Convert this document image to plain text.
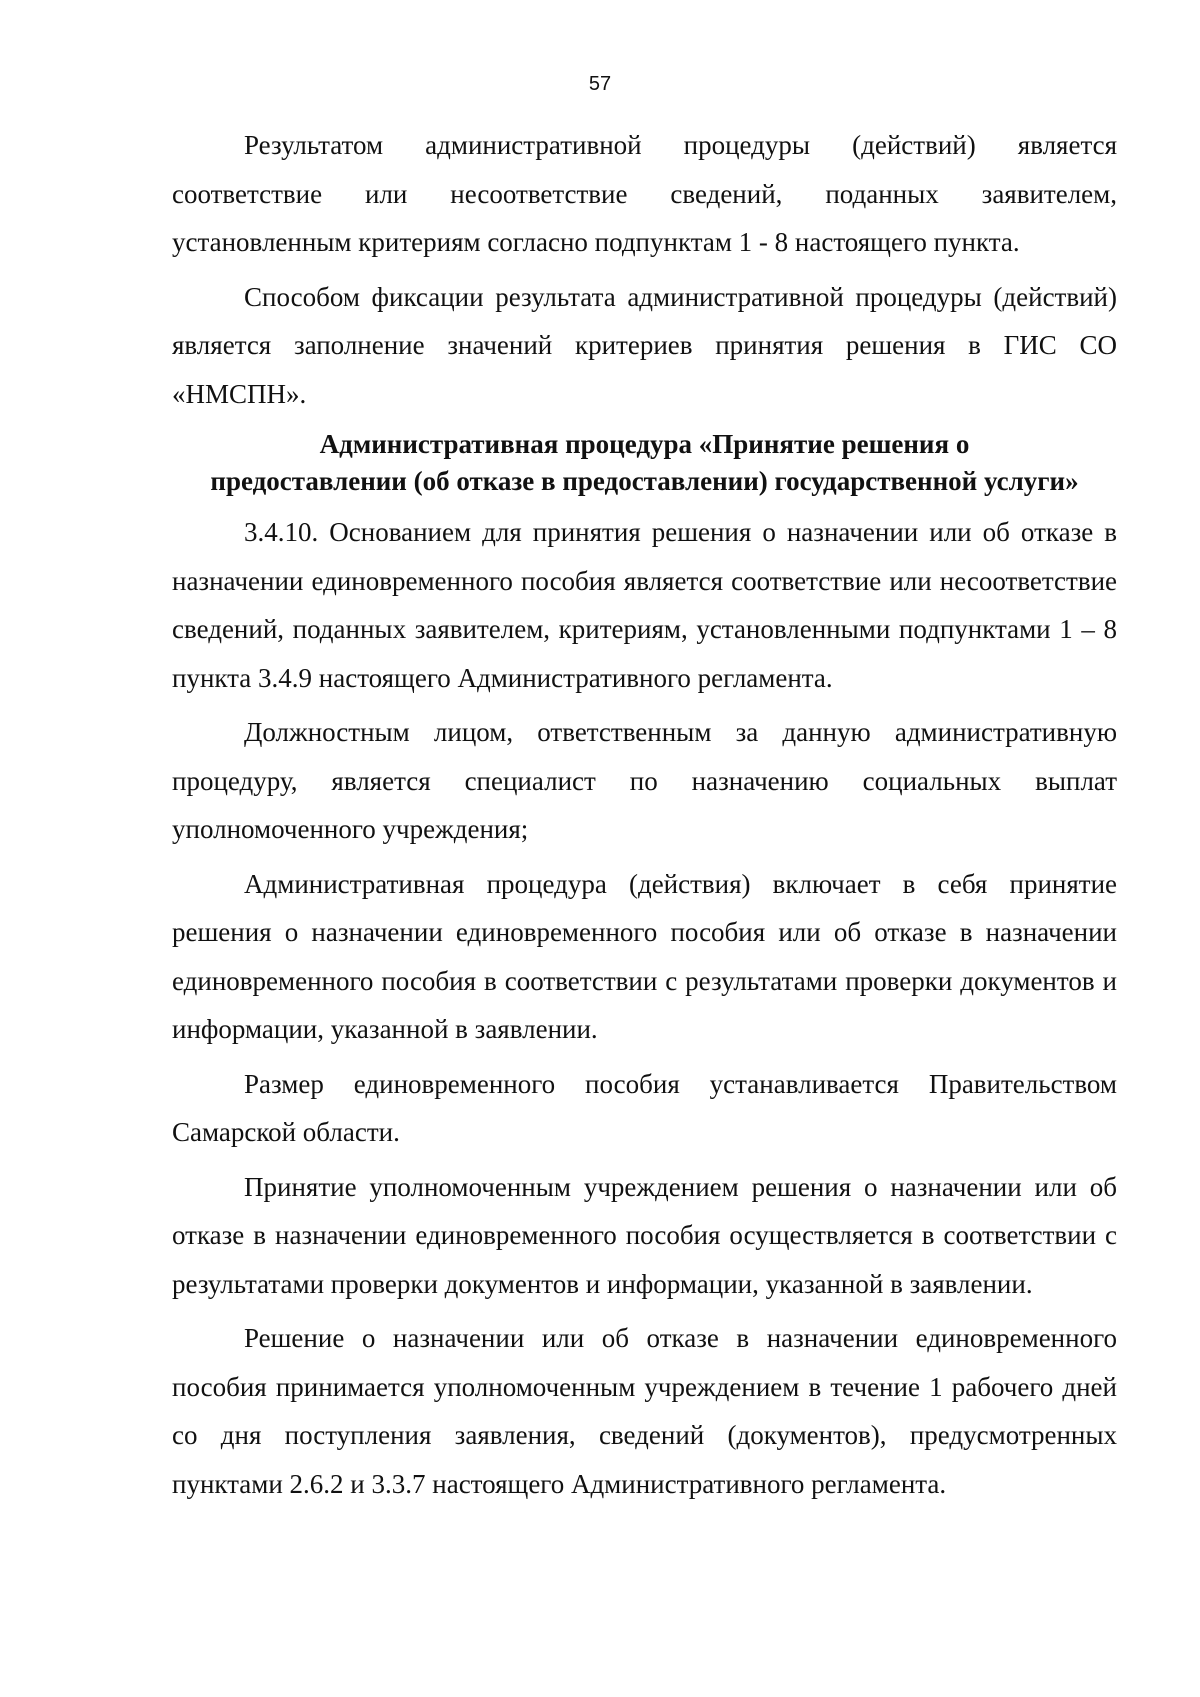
57

Результатом административной процедуры (действий) является соответствие или несоответствие сведений, поданных заявителем, установленным критериям согласно подпунктам 1 - 8 настоящего пункта.

Способом фиксации результата административной процедуры (действий) является заполнение значений критериев принятия решения в ГИС СО «НМСПН».

Административная процедура «Принятие решения о
предоставлении (об отказе в предоставлении) государственной услуги»

3.4.10. Основанием для принятия решения о назначении или об отказе в назначении единовременного пособия является соответствие или несоответствие сведений, поданных заявителем, критериям, установленными подпунктами 1 – 8 пункта 3.4.9 настоящего Административного регламента.

Должностным лицом, ответственным за данную административную процедуру, является специалист по назначению социальных выплат уполномоченного учреждения;

Административная процедура (действия) включает в себя принятие решения о назначении единовременного пособия или об отказе в назначении единовременного пособия в соответствии с результатами проверки документов и информации, указанной в заявлении.

Размер единовременного пособия устанавливается Правительством Самарской области.

Принятие уполномоченным учреждением решения о назначении или об отказе в назначении единовременного пособия осуществляется в соответствии с результатами проверки документов и информации, указанной в заявлении.

Решение о назначении или об отказе в назначении единовременного пособия принимается уполномоченным учреждением в течение 1 рабочего дней со дня поступления заявления, сведений (документов), предусмотренных пунктами 2.6.2 и 3.3.7 настоящего Административного регламента.
